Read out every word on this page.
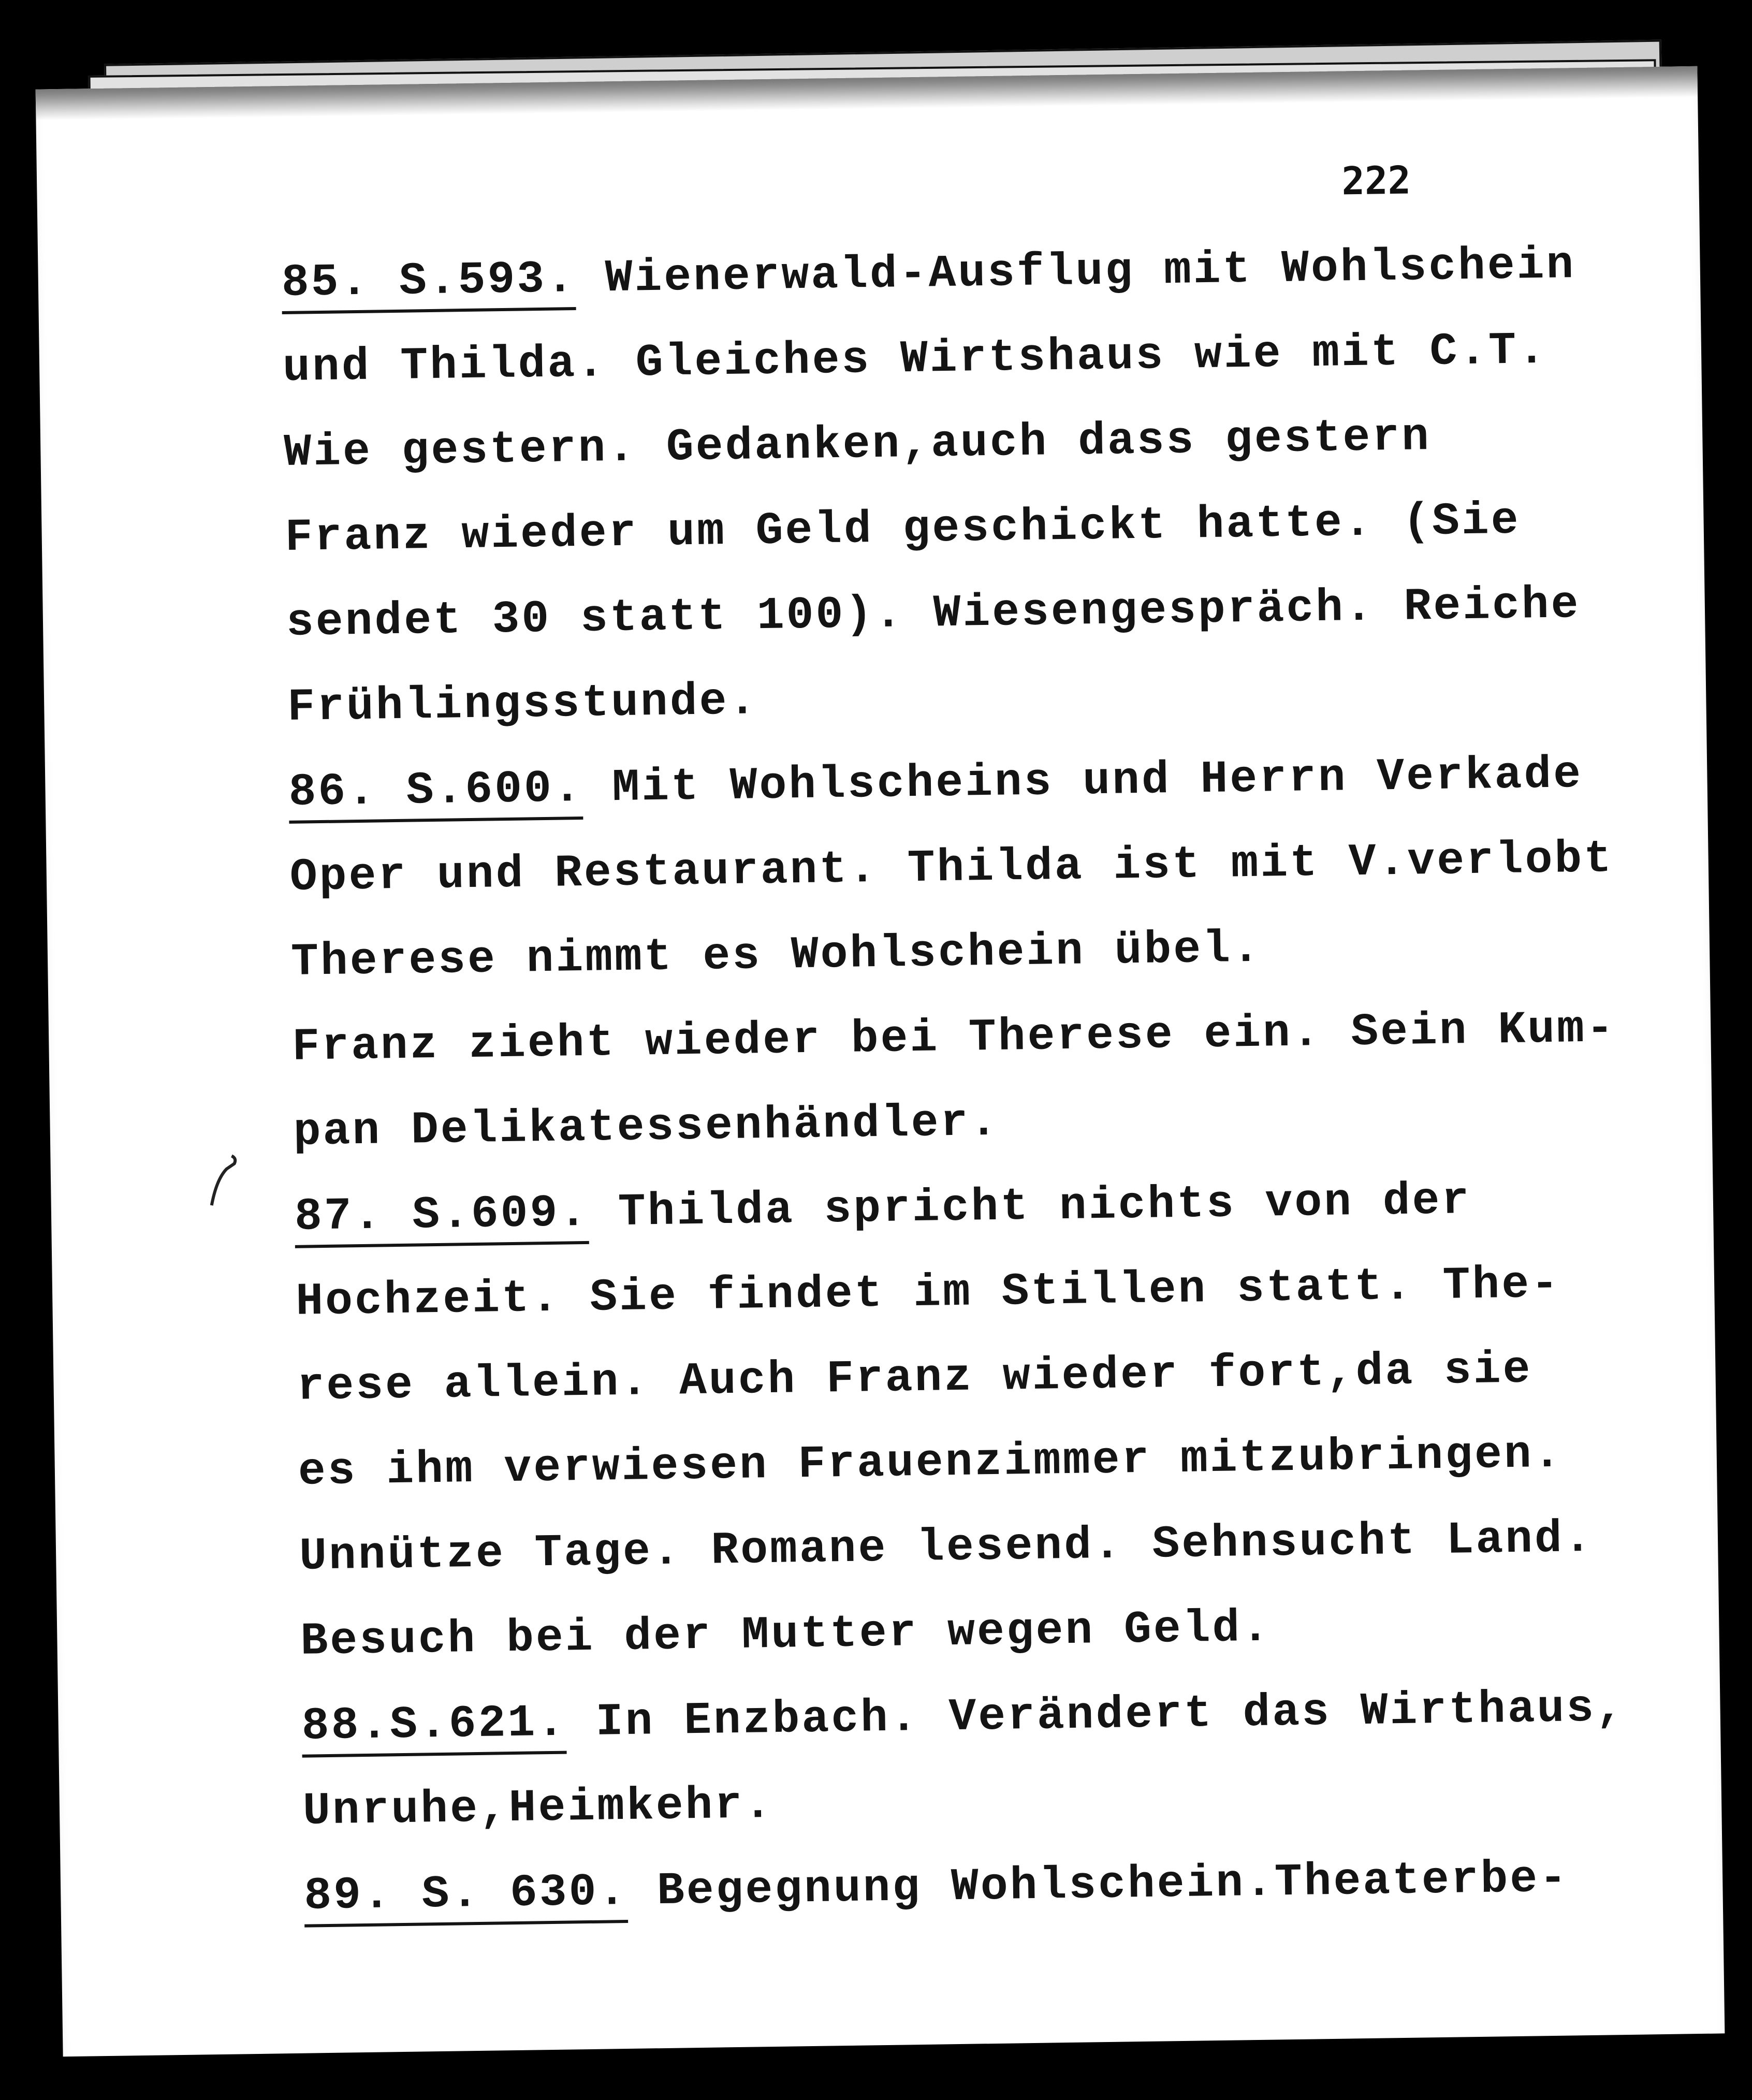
222
85. S.593. Wienerwald-Ausflug mit Wohlschein
und Thilda. Gleiches Wirtshaus wie mit C.T.
Wie gestern. Gedanken,auch dass gestern
Franz wieder um Geld geschickt hatte. (Sie
sendet 30 statt 100). Wiesengespräch. Reiche
Frühlingsstunde.
86. S.600. Mit Wohlscheins und Herrn Verkade
Oper und Restaurant. Thilda ist mit V.verlobt
Therese nimmt es Wohlschein übel.
Franz zieht wieder bei Therese ein. Sein Kum-
pan Delikatessenhändler.
87. S.609. Thilda spricht nichts von der
Hochzeit. Sie findet im Stillen statt. The-
rese allein. Auch Franz wieder fort,da sie
es ihm verwiesen Frauenzimmer mitzubringen.
Unnütze Tage. Romane lesend. Sehnsucht Land.
Besuch bei der Mutter wegen Geld.
88.S.621. In Enzbach. Verändert das Wirthaus,
Unruhe,Heimkehr.
89. S. 630. Begegnung Wohlschein.Theaterbe-
